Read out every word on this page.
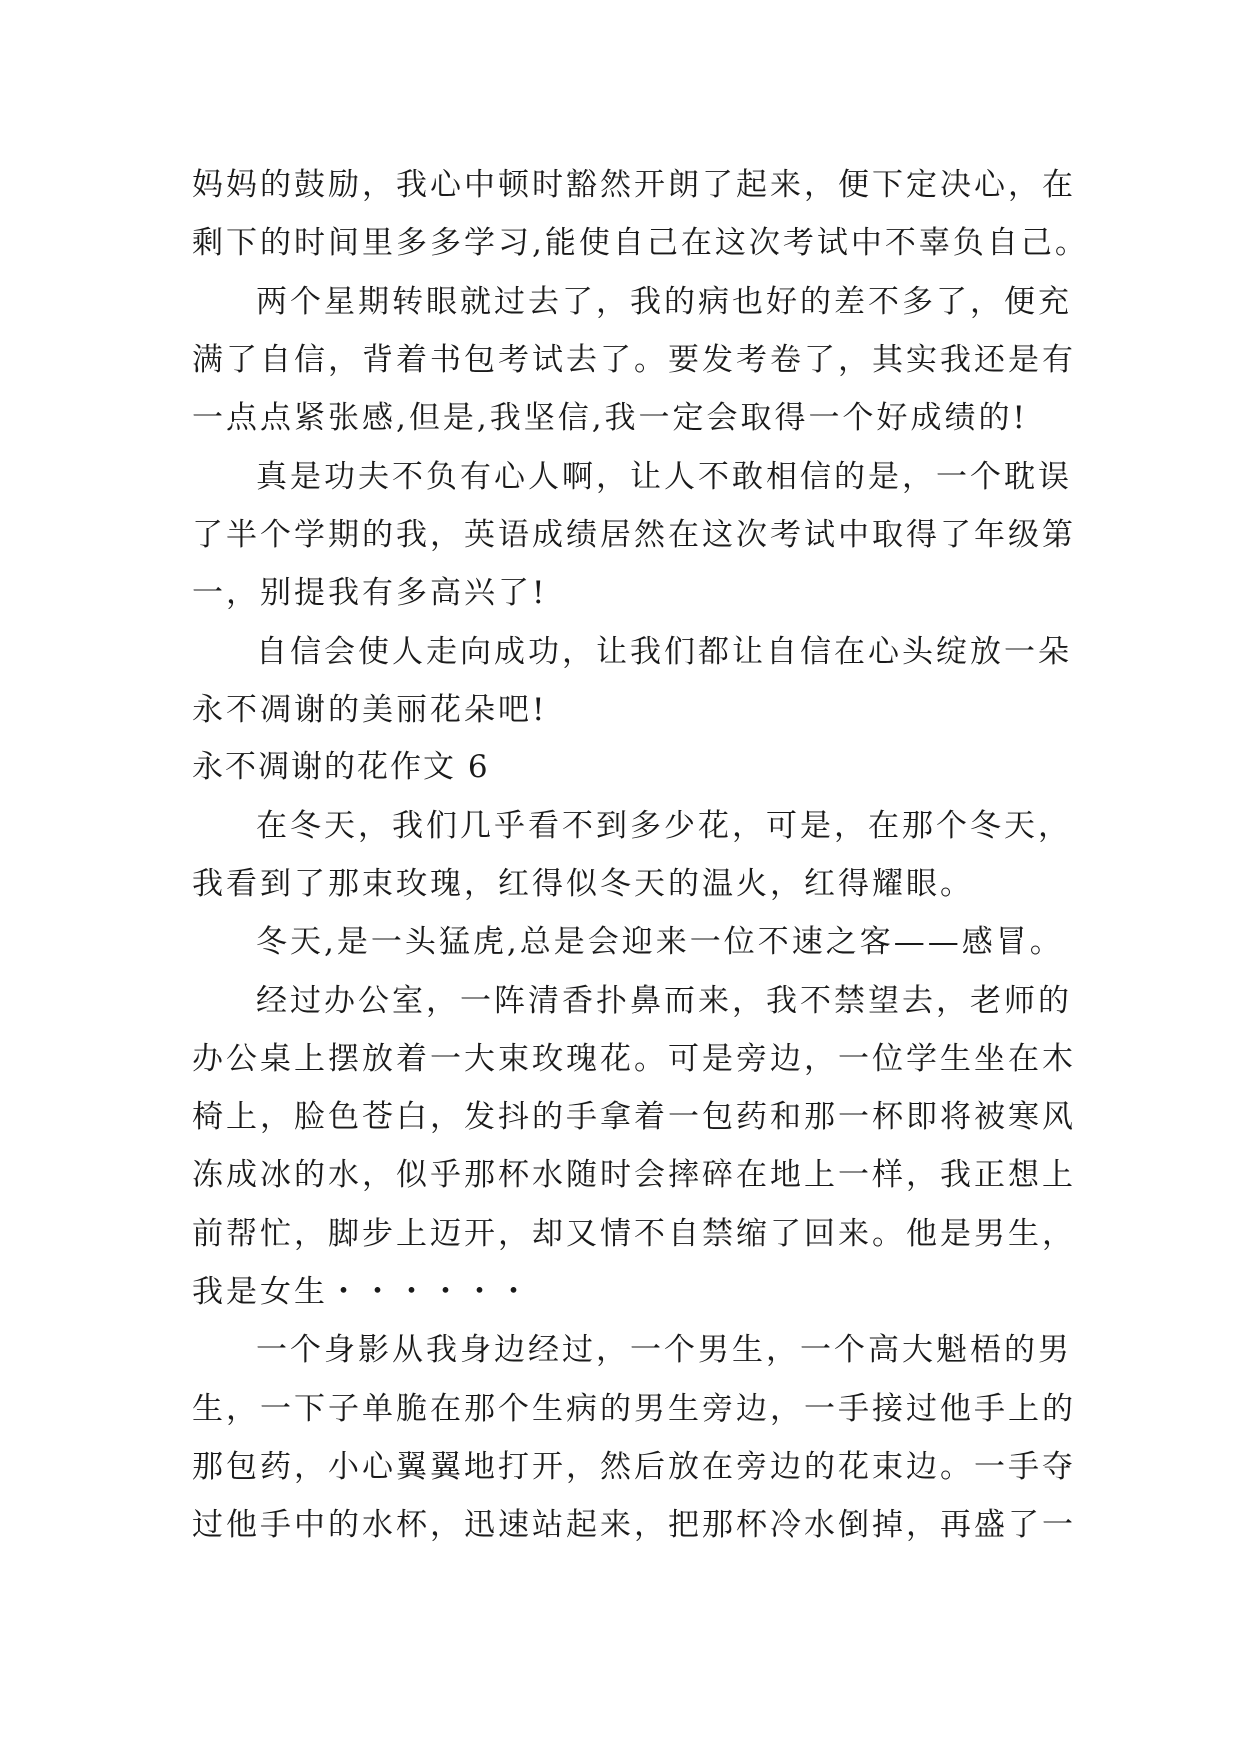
妈妈的鼓励，我心中顿时豁然开朗了起来，便下定决心，在
剩下的时间里多多学习,能使自己在这次考试中不辜负自己。
两个星期转眼就过去了，我的病也好的差不多了，便充
满了自信，背着书包考试去了。要发考卷了，其实我还是有
一点点紧张感,但是,我坚信,我一定会取得一个好成绩的!
真是功夫不负有心人啊，让人不敢相信的是，一个耽误
了半个学期的我，英语成绩居然在这次考试中取得了年级第
一，别提我有多高兴了!
自信会使人走向成功，让我们都让自信在心头绽放一朵
永不凋谢的美丽花朵吧!
永不凋谢的花作文 6
在冬天，我们几乎看不到多少花，可是，在那个冬天，
我看到了那束玫瑰，红得似冬天的温火，红得耀眼。
冬天,是一头猛虎,总是会迎来一位不速之客——感冒。
经过办公室，一阵清香扑鼻而来，我不禁望去，老师的
办公桌上摆放着一大束玫瑰花。可是旁边，一位学生坐在木
椅上，脸色苍白，发抖的手拿着一包药和那一杯即将被寒风
冻成冰的水，似乎那杯水随时会摔碎在地上一样，我正想上
前帮忙，脚步上迈开，却又情不自禁缩了回来。他是男生，
我是女生・・・・・・
一个身影从我身边经过，一个男生，一个高大魁梧的男
生，一下子单脆在那个生病的男生旁边，一手接过他手上的
那包药，小心翼翼地打开，然后放在旁边的花束边。一手夺
过他手中的水杯，迅速站起来，把那杯冷水倒掉，再盛了一
